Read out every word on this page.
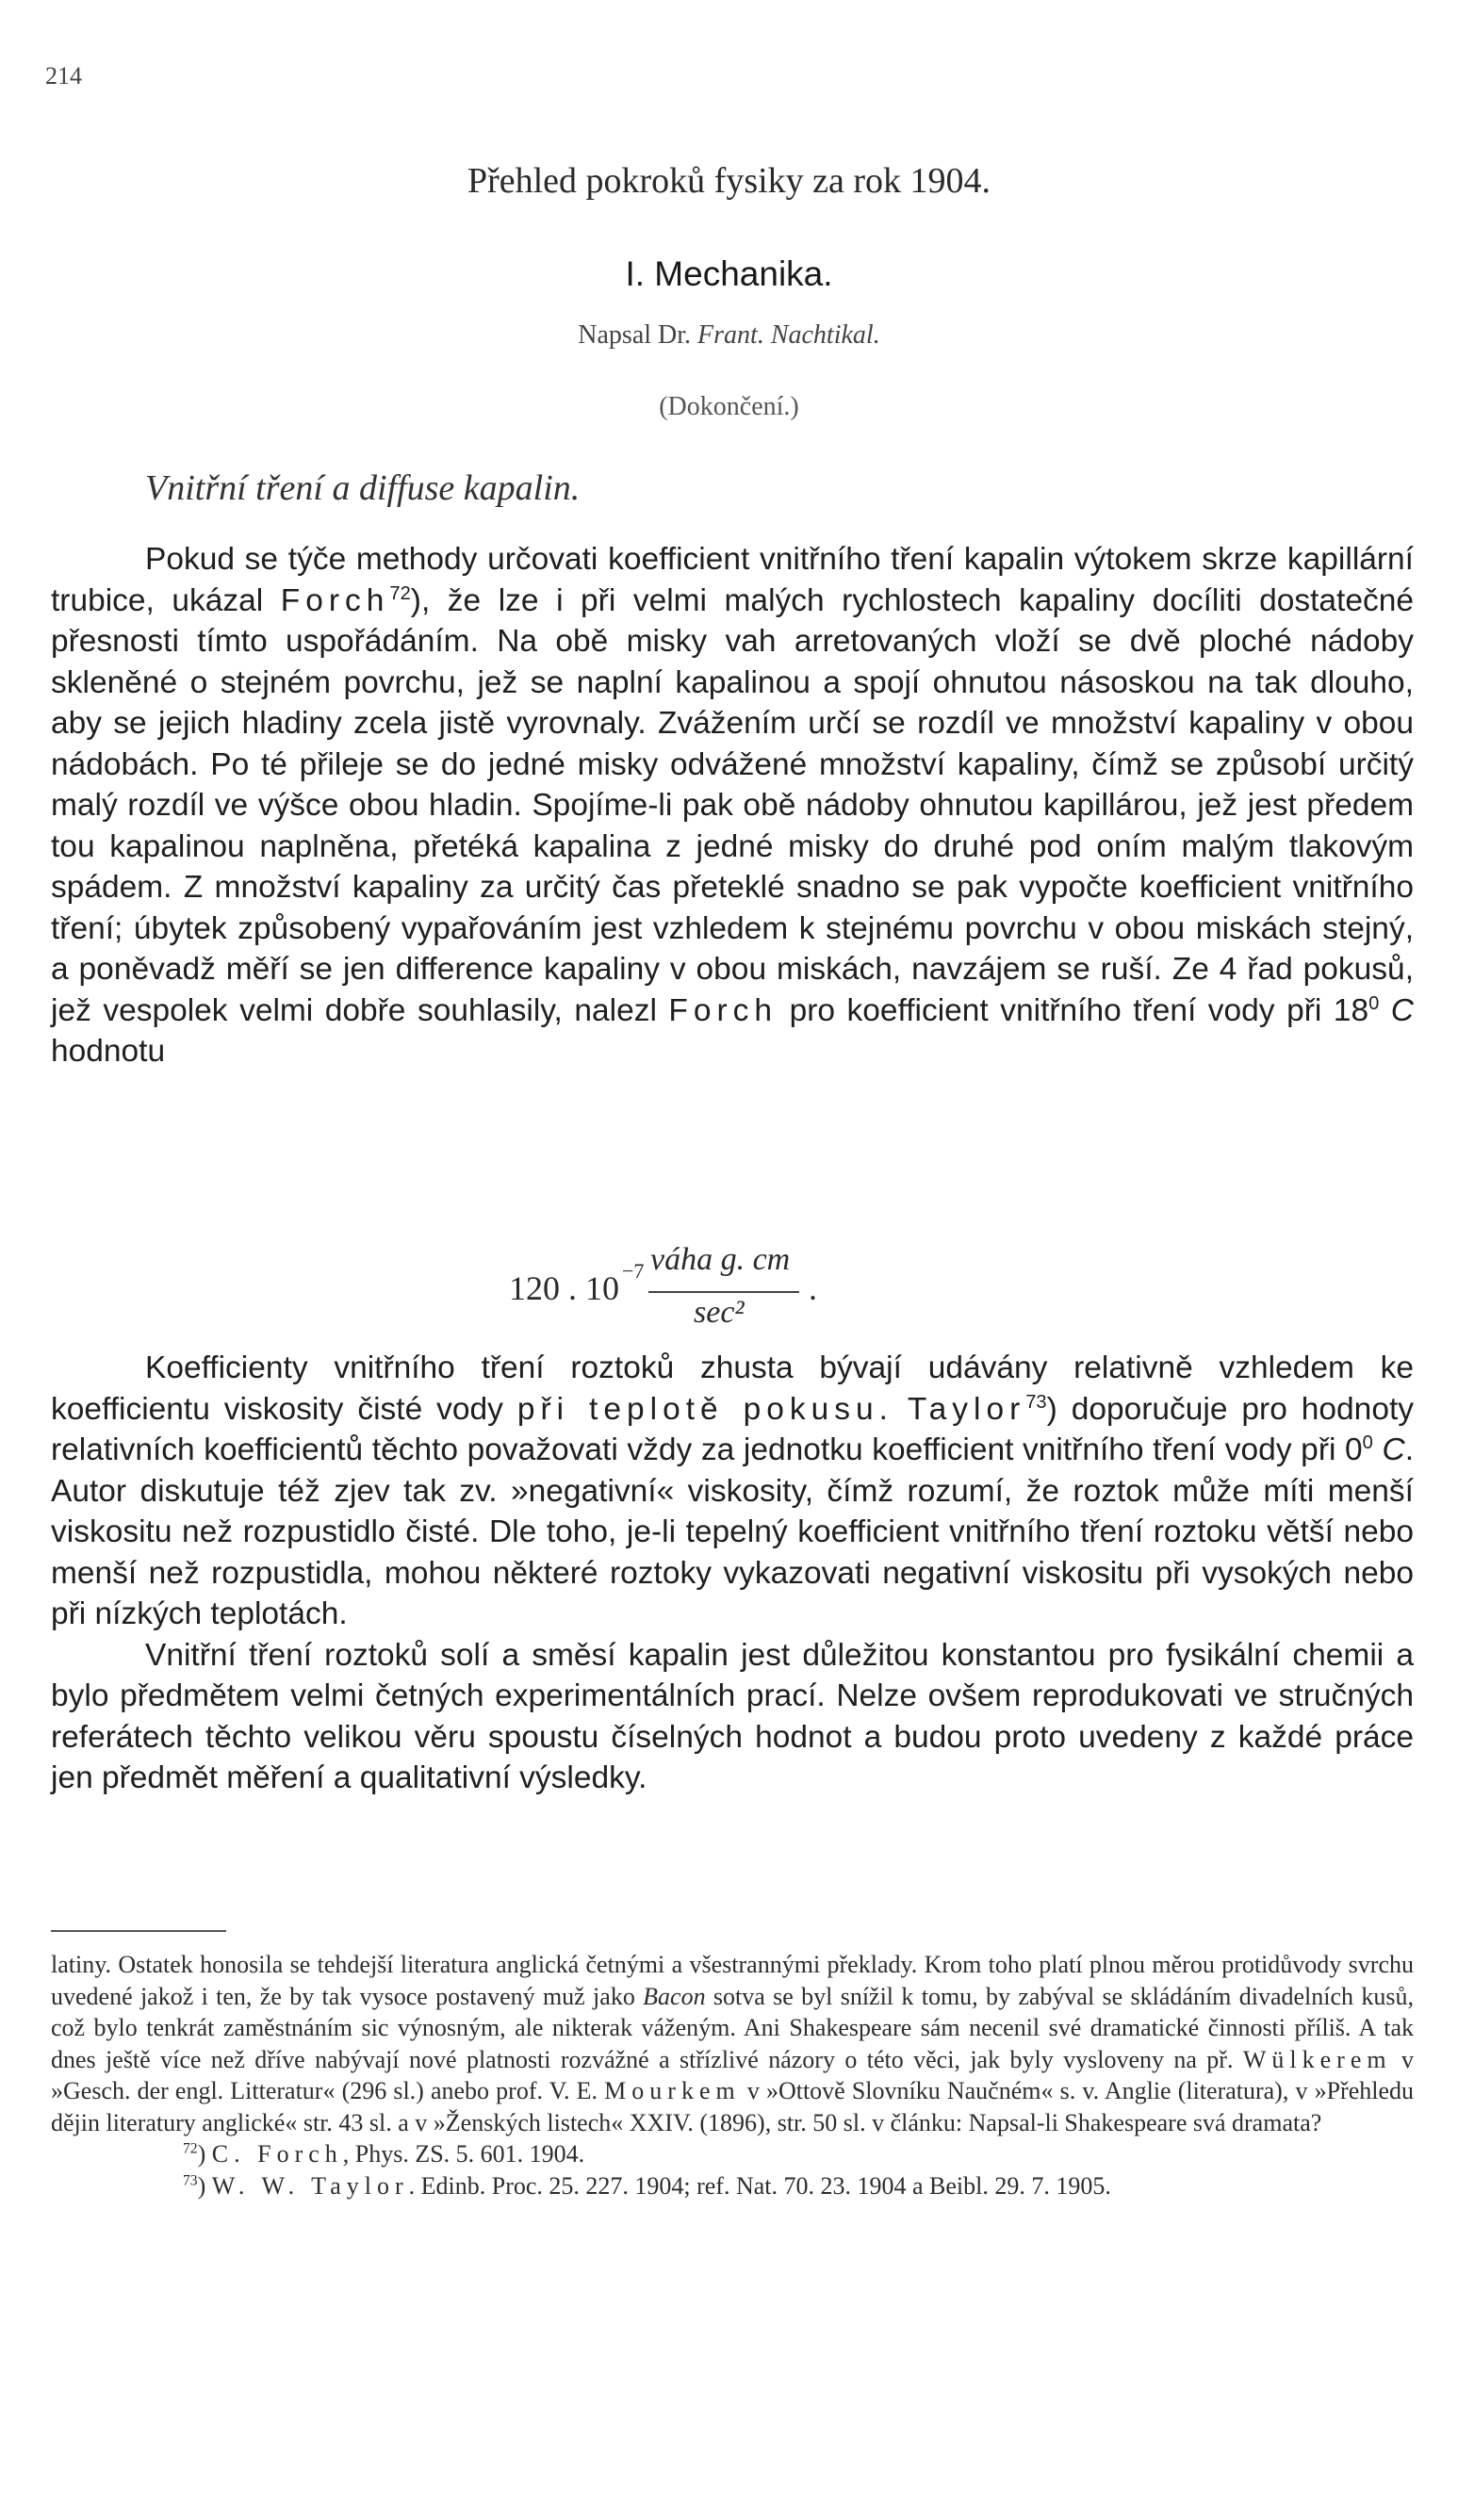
214
Přehled pokroků fysiky za rok 1904.
I. Mechanika.
Napsal Dr. Frant. Nachtikal.
(Dokončení.)
Vnitřní tření a diffuse kapalin.

Pokud se týče methody určovati koefficient vnitřního tření kapalin výtokem skrze kapillární trubice, ukázal Forch$^{72}$), že lze i při velmi malých rychlostech kapaliny docíliti dostatečné přesnosti tímto uspořádáním. Na obě misky vah arretovaných vloží se dvě ploché nádoby skleněné o stejném povrchu, jež se naplní kapalinou a spojí ohnutou násoskou na tak dlouho, aby se jejich hladiny zcela jistě vyrovnaly. Zvážením určí se rozdíl ve množství kapaliny v obou nádobách. Po té přileje se do jedné misky odvážené množství kapaliny, čímž se způsobí určitý malý rozdíl ve výšce obou hladin. Spojíme-li pak obě nádoby ohnutou kapillárou, jež jest předem tou kapalinou naplněna, přetéká kapalina z jedné misky do druhé pod oním malým tlakovým spádem. Z množství kapaliny za určitý čas přeteklé snadno se pak vypočte koefficient vnitřního tření; úbytek způsobený vypařováním jest vzhledem k stejnému povrchu v obou miskách stejný, a poněvadž měří se jen difference kapaliny v obou miskách, navzájem se ruší. Ze 4 řad pokusů, jež vespolek velmi dobře souhlasily, nalezl Forch pro koefficient vnitřního tření vody při $18^0$ C hodnotu

120 . 10 −7 váha g. cm
sec²
.

Koefficienty vnitřního tření roztoků zhusta bývají udávány relativně vzhledem ke koefficientu viskosity čisté vody při teplotě pokusu. Taylor$^{73}$) doporučuje pro hodnoty relativních koefficientů těchto považovati vždy za jednotku koefficient vnitřního tření vody při $0^0$ C. Autor diskutuje též zjev tak zv. »negativní« viskosity, čímž rozumí, že roztok může míti menší viskositu než rozpustidlo čisté. Dle toho, je-li tepelný koefficient vnitřního tření roztoku větší nebo menší než rozpustidla, mohou některé roztoky vykazovati negativní viskositu při vysokých nebo při nízkých teplotách.

Vnitřní tření roztoků solí a směsí kapalin jest důležitou konstantou pro fysikální chemii a bylo předmětem velmi četných experimentálních prací. Nelze ovšem reprodukovati ve stručných referátech těchto velikou věru spoustu číselných hodnot a budou proto uvedeny z každé práce jen předmět měření a qualitativní výsledky.

latiny. Ostatek honosila se tehdejší literatura anglická četnými a všestrannými překlady. Krom toho platí plnou měrou protidůvody svrchu uvedené jakož i ten, že by tak vysoce postavený muž jako Bacon sotva se byl snížil k tomu, by zabýval se skládáním divadelních kusů, což bylo tenkrát zaměstnáním sic výnosným, ale nikterak váženým. Ani Shakespeare sám necenil své dramatické činnosti příliš. A tak dnes ještě více než dříve nabývají nové platnosti rozvážné a střízlivé názory o této věci, jak byly vysloveny na př. Wülkerem v »Gesch. der engl. Litteratur« (296 sl.) anebo prof. V. E. Mourkem v »Ottově Slovníku Naučném« s. v. Anglie (literatura), v »Přehledu dějin literatury anglické« str. 43 sl. a v »Ženských listech« XXIV. (1896), str. 50 sl. v článku: Napsal-li Shakespeare svá dramata?

$^{72}$) C. Forch, Phys. ZS. 5. 601. 1904.

$^{73}$) W. W. Taylor. Edinb. Proc. 25. 227. 1904; ref. Nat. 70. 23. 1904 a Beibl. 29. 7. 1905.
